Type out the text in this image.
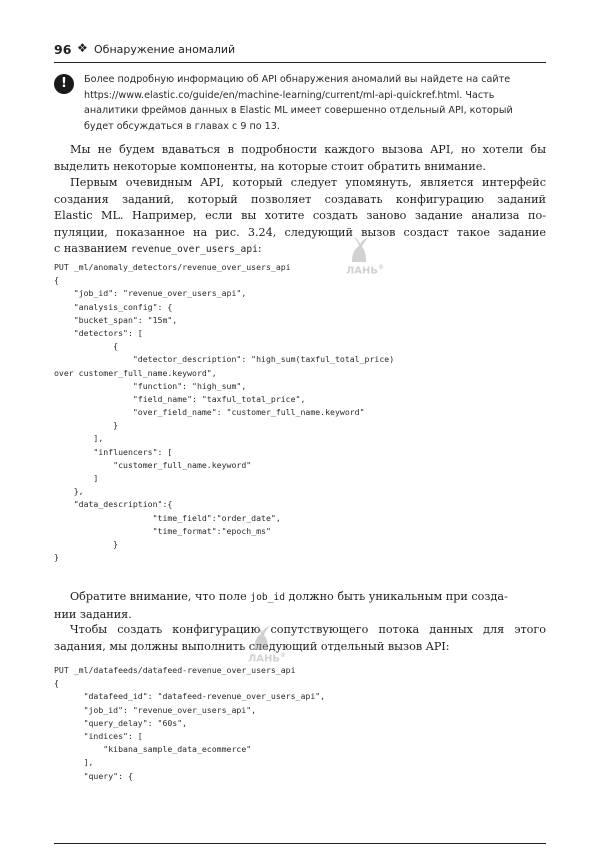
96 ❖ Обнаружение аномалий
!	Более подробную информацию об API обнаружения аномалий вы найдете на сайте
https://www.elastic.co/guide/en/machine-learning/current/ml-api-quickref.html. Часть
аналитики фреймов данных в Elastic ML имеет совершенно отдельный API, который
будет обсуждаться в главах с 9 по 13.
Мы не будем вдаваться в подробности каждого вызова API, но хотели бы
выделить некоторые компоненты, на которые стоит обратить внимание.
Первым очевидным API, который следует упомянуть, является интерфейс
создания заданий, который позволяет создавать конфигурацию заданий
Elastic ML. Например, если вы хотите создать заново задание анализа по-
пуляции, показанное на рис. 3.24, следующий вызов создаст такое задание
с названием revenue_over_users_api:
ЛАНЬ®
PUT _ml/anomaly_detectors/revenue_over_users_api
{
"job_id": "revenue_over_users_api",
"analysis_config": {
"bucket_span": "15m",
"detectors": [
{
"detector_description": "high_sum(taxful_total_price)
over customer_full_name.keyword",
"function": "high_sum",
"field_name": "taxful_total_price",
"over_field_name": "customer_full_name.keyword"
}
],
"influencers": [
"customer_full_name.keyword"
]
},
"data_description":{
"time_field":"order_date",
"time_format":"epoch_ms"
}
}
Обратите внимание, что поле job_id должно быть уникальным при созда-
нии задания.
Чтобы создать конфигурацию сопутствующего потока данных для этого
задания, мы должны выполнить следующий отдельный вызов API:
ЛАНЬ®
PUT _ml/datafeeds/datafeed-revenue_over_users_api
{
"datafeed_id": "datafeed-revenue_over_users_api",
"job_id": "revenue_over_users_api",
"query_delay": "60s",
"indices": [
"kibana_sample_data_ecommerce"
],
"query": {
